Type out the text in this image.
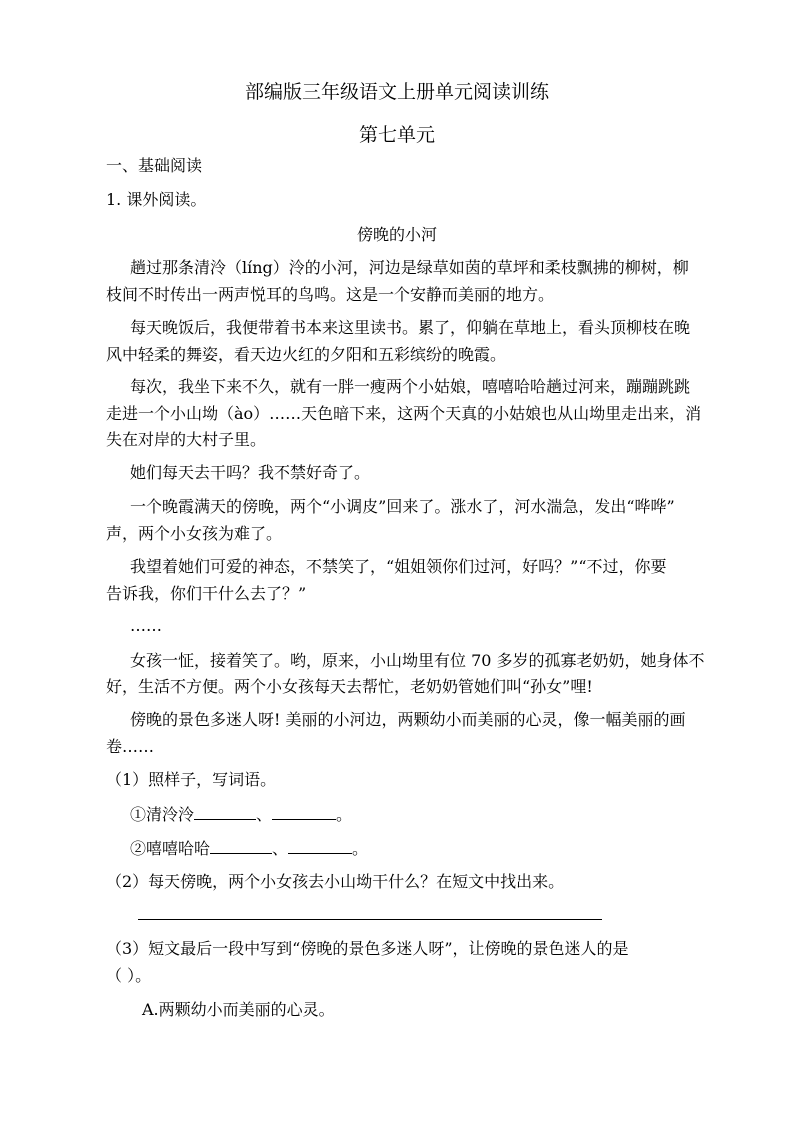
部编版三年级语文上册单元阅读训练
第七单元
一、基础阅读
1. 课外阅读。
傍晚的小河
趟过那条清泠（líng）泠的小河，河边是绿草如茵的草坪和柔枝飘拂的柳树，柳
枝间不时传出一两声悦耳的鸟鸣。这是一个安静而美丽的地方。
每天晚饭后，我便带着书本来这里读书。累了，仰躺在草地上，看头顶柳枝在晚
风中轻柔的舞姿，看天边火红的夕阳和五彩缤纷的晚霞。
每次，我坐下来不久，就有一胖一瘦两个小姑娘，嘻嘻哈哈趟过河来，蹦蹦跳跳
走进一个小山坳（ào）……天色暗下来，这两个天真的小姑娘也从山坳里走出来，消
失在对岸的大村子里。
她们每天去干吗？我不禁好奇了。
一个晚霞满天的傍晚，两个“小调皮”回来了。涨水了，河水湍急，发出“哗哗”
声，两个小女孩为难了。
我望着她们可爱的神态，不禁笑了，“姐姐领你们过河，好吗？”“不过，你要
告诉我，你们干什么去了？”
……
女孩一怔，接着笑了。哟，原来，小山坳里有位 70 多岁的孤寡老奶奶，她身体不
好，生活不方便。两个小女孩每天去帮忙，老奶奶管她们叫“孙女”哩!
傍晚的景色多迷人呀! 美丽的小河边，两颗幼小而美丽的心灵，像一幅美丽的画
卷……
（1）照样子，写词语。
①清泠泠	、	。
②嘻嘻哈哈	、	。
（2）每天傍晚，两个小女孩去小山坳干什么？在短文中找出来。
（3）短文最后一段中写到“傍晚的景色多迷人呀”，让傍晚的景色迷人的是
（ ）。
A.两颗幼小而美丽的心灵。
